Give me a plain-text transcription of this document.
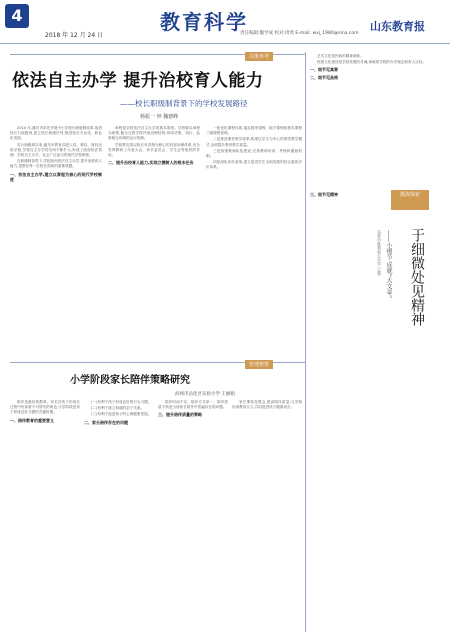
4
2018 年 12 月 24 日
教育科学
责任编辑:魏学成 校对:周鸾 E-mail: wxj_1980@sina.com
山东教育报
决策参考
依法自主办学 提升治校育人能力
——校长职级制背景下的学校发展路径
杨振一 钟 魏德峰

2014 年,潍坊市率先开展中小学校长职级制改革,取消校长行政级别,建立校长职级序列,推进校长专业化、职业化发展。

实行职级制以来,潍坊市教育局把人权、事权、财权还给学校,学校自主办学的空间不断扩大,形成了政府依法管理、学校自主办学、社会广泛参与的现代学校制度。

在职级制背景下,学校如何依法自主办学,提升治校育人能力,是摆在每一位校长面前的重要课题。

一、依法自主办学,建立以章程为核心的现代学校制度

章程是学校依法自主办学的基本准则。学校要以章程为统领,健全完善学校内部治理结构,形成决策、执行、监督相互协调的运行机制。

学校要完善以校长负责制为核心的内部治理体系,充分发挥教职工代表大会、家长委员会、学生会等组织的作用。

二、提升治校育人能力,实现立德树人的根本任务

一是优化课程体系,落实国家课程、地方课程和校本课程三级课程管理。

二是推进课堂教学改革,构建以学生为中心的课堂教学模式,全面提升教育教学质量。

三是加强教师队伍建设,完善教师培训、考核和激励机制。

四是深化评价改革,建立促进学生全面发展的综合素质评价体系。

艺术文化是民族的精神命脉。

校园文化建设是学校发展的灵魂,承载着学校的办学理念和育人目标。

一、细节见真章
二、细节见品格
教海探索
于细微处见精神
——小细节 成就“大文章”
东营市胜利第五中学 王强
三、细节见精神
管理智慧
小学阶段家长陪伴策略研究
滨州市沾化区实验小学 王丽娟

陪伴是最好的教育。家长在孩子的成长过程中扮演着不可替代的角色,小学阶段是孩子养成良好习惯的关键时期。

一、陪伴教育的重要意义

(一)有利于孩子形成良好的行为习惯。

(二)有利于建立和谐的亲子关系。

(三)有利于促进孩子的心理健康发展。

二、家长陪伴存在的问题

陪伴时间不足、陪伴方式单一、陪伴质量不高是当前家长陪伴中普遍存在的问题。

三、提升陪伴质量的策略

家长要转变观念,提高陪伴质量,与学校形成教育合力,共同促进孩子健康成长。
